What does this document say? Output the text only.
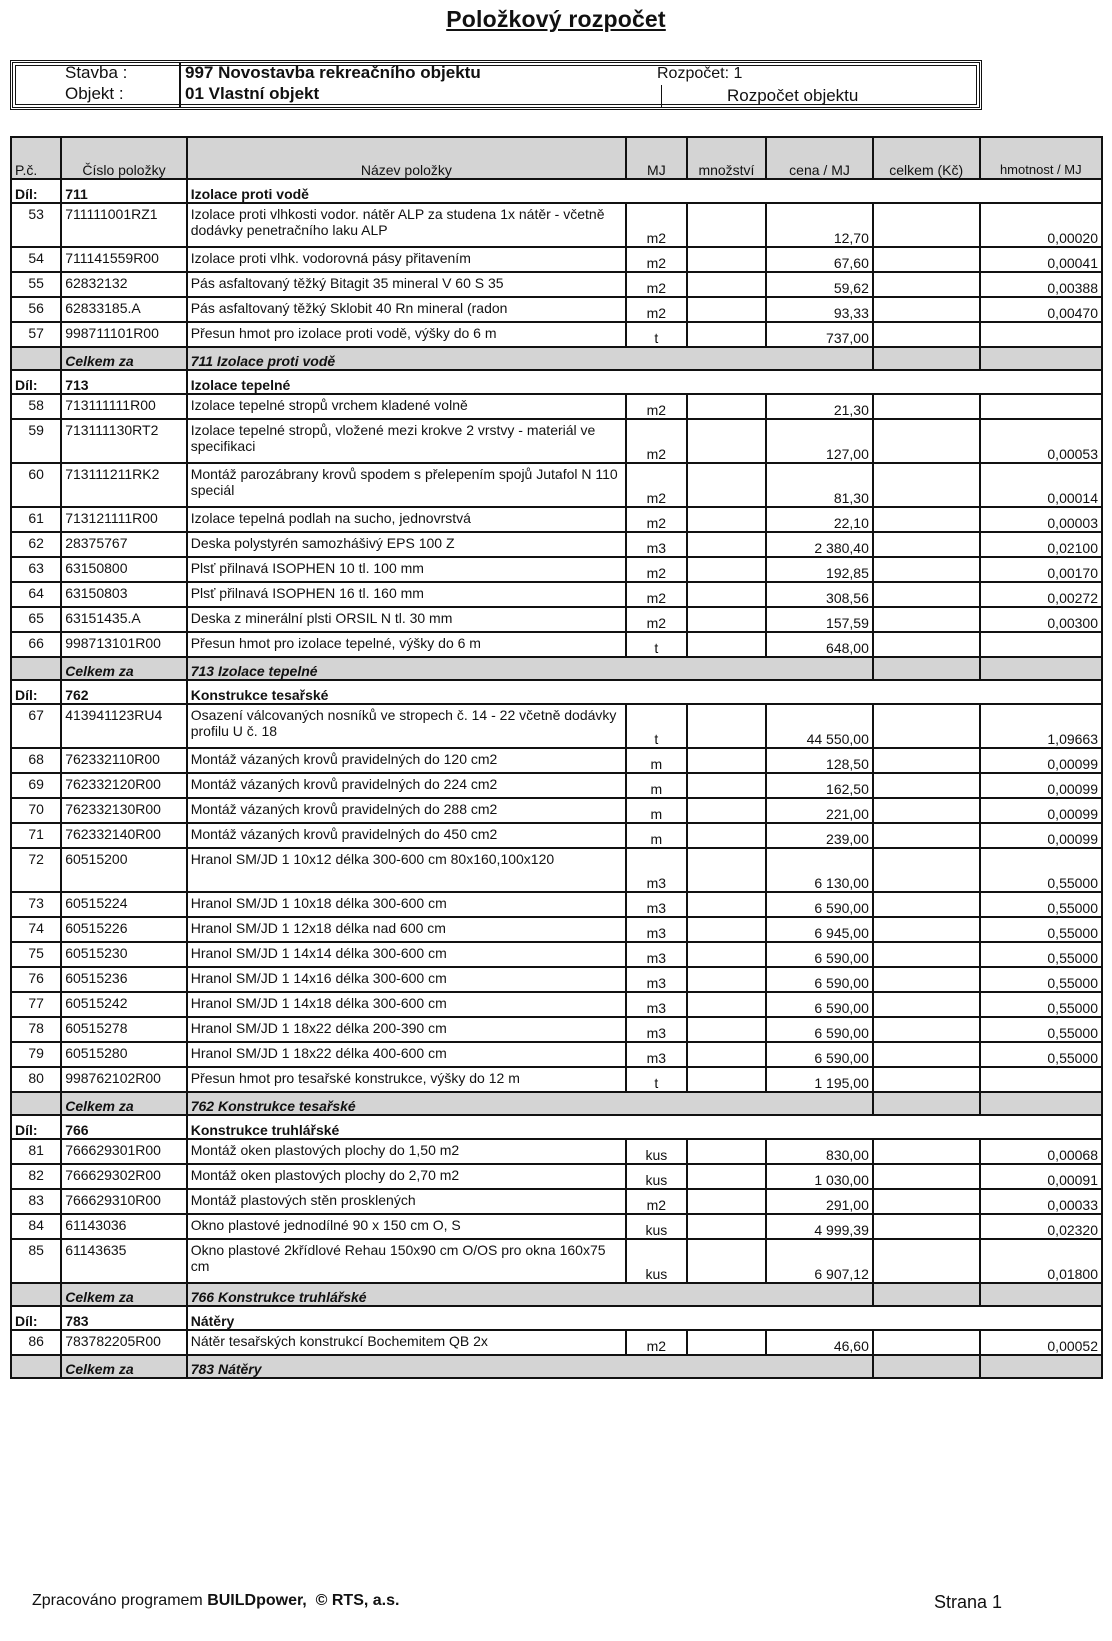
Položkový rozpočet
Stavba :
Objekt :
997 Novostavba rekreačního objektu
01 Vlastní objekt
Rozpočet: 1
Rozpočet objektu
P.č.	Číslo položky	Název položky	MJ	množství	cena / MJ	celkem (Kč)	hmotnost / MJ
Díl:	711	Izolace proti vodě					
53	711111001RZ1	Izolace proti vlhkosti vodor. nátěr ALP za studena 1x nátěr - včetně dodávky penetračního laku ALP	m2		12,70		0,00020
54	711141559R00	Izolace proti vlhk. vodorovná pásy přitavením	m2		67,60		0,00041
55	62832132	Pás asfaltovaný těžký Bitagit 35 mineral V 60 S 35	m2		59,62		0,00388
56	62833185.A	Pás asfaltovaný těžký Sklobit 40 Rn mineral (radon	m2		93,33		0,00470
57	998711101R00	Přesun hmot pro izolace proti vodě, výšky do 6 m	t		737,00		
	Celkem za	711 Izolace proti vodě					
Díl:	713	Izolace tepelné					
58	713111111R00	Izolace tepelné stropů vrchem kladené volně	m2		21,30		
59	713111130RT2	Izolace tepelné stropů, vložené mezi krokve 2 vrstvy - materiál ve specifikaci	m2		127,00		0,00053
60	713111211RK2	Montáž parozábrany krovů spodem s přelepením spojů Jutafol N 110 speciál	m2		81,30		0,00014
61	713121111R00	Izolace tepelná podlah na sucho, jednovrstvá	m2		22,10		0,00003
62	28375767	Deska polystyrén samozhášivý EPS 100 Z	m3		2 380,40		0,02100
63	63150800	Plsť přilnavá ISOPHEN 10 tl. 100 mm	m2		192,85		0,00170
64	63150803	Plsť přilnavá ISOPHEN 16 tl. 160 mm	m2		308,56		0,00272
65	63151435.A	Deska z minerální plsti ORSIL N tl. 30 mm	m2		157,59		0,00300
66	998713101R00	Přesun hmot pro izolace tepelné, výšky do 6 m	t		648,00		
	Celkem za	713 Izolace tepelné					
Díl:	762	Konstrukce tesařské					
67	413941123RU4	Osazení válcovaných nosníků ve stropech č. 14 - 22 včetně dodávky profilu U č. 18	t		44 550,00		1,09663
68	762332110R00	Montáž vázaných krovů pravidelných do 120 cm2	m		128,50		0,00099
69	762332120R00	Montáž vázaných krovů pravidelných do 224 cm2	m		162,50		0,00099
70	762332130R00	Montáž vázaných krovů pravidelných do 288 cm2	m		221,00		0,00099
71	762332140R00	Montáž vázaných krovů pravidelných do 450 cm2	m		239,00		0,00099
72	60515200	Hranol SM/JD 1 10x12 délka 300-600 cm 80x160,100x120	m3		6 130,00		0,55000
73	60515224	Hranol SM/JD 1 10x18 délka 300-600 cm	m3		6 590,00		0,55000
74	60515226	Hranol SM/JD 1 12x18 délka nad 600 cm	m3		6 945,00		0,55000
75	60515230	Hranol SM/JD 1 14x14 délka 300-600 cm	m3		6 590,00		0,55000
76	60515236	Hranol SM/JD 1 14x16 délka 300-600 cm	m3		6 590,00		0,55000
77	60515242	Hranol SM/JD 1 14x18 délka 300-600 cm	m3		6 590,00		0,55000
78	60515278	Hranol SM/JD 1 18x22 délka 200-390 cm	m3		6 590,00		0,55000
79	60515280	Hranol SM/JD 1 18x22 délka 400-600 cm	m3		6 590,00		0,55000
80	998762102R00	Přesun hmot pro tesařské konstrukce, výšky do 12 m	t		1 195,00		
	Celkem za	762 Konstrukce tesařské					
Díl:	766	Konstrukce truhlářské					
81	766629301R00	Montáž oken plastových plochy do 1,50 m2	kus		830,00		0,00068
82	766629302R00	Montáž oken plastových plochy do 2,70 m2	kus		1 030,00		0,00091
83	766629310R00	Montáž plastových stěn prosklených	m2		291,00		0,00033
84	61143036	Okno plastové jednodílné 90 x 150 cm O, S	kus		4 999,39		0,02320
85	61143635	Okno plastové 2křídlové Rehau 150x90 cm O/OS pro okna 160x75 cm	kus		6 907,12		0,01800
	Celkem za	766 Konstrukce truhlářské					
Díl:	783	Nátěry					
86	783782205R00	Nátěr tesařských konstrukcí Bochemitem QB 2x	m2		46,60		0,00052
	Celkem za	783 Nátěry					
Zpracováno programem BUILDpower, © RTS, a.s.	Strana 1
